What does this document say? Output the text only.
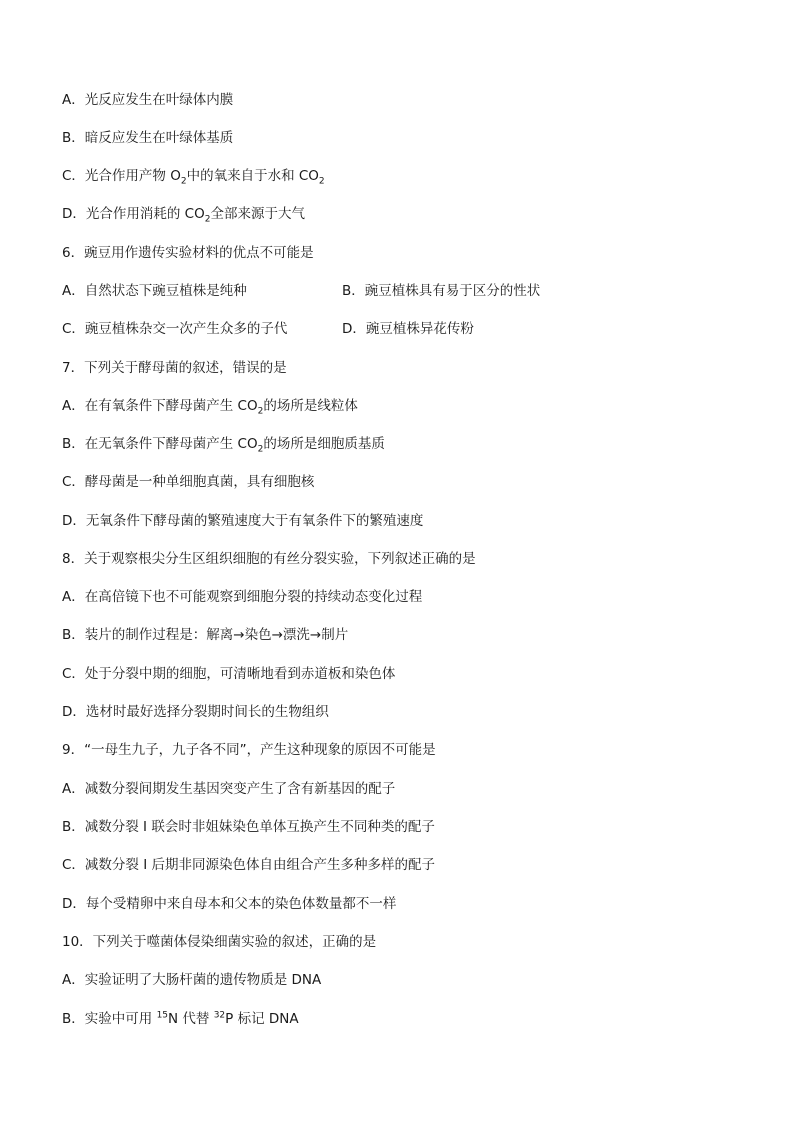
A．光反应发生在叶绿体内膜
B．暗反应发生在叶绿体基质
C．光合作用产物 $O_2$中的氧来自于水和 $CO_2$
D．光合作用消耗的 $CO_2$全部来源于大气
6．豌豆用作遗传实验材料的优点不可能是
A．自然状态下豌豆植株是纯种	B．豌豆植株具有易于区分的性状
C．豌豆植株杂交一次产生众多的子代	D．豌豆植株异花传粉
7．下列关于酵母菌的叙述，错误的是
A．在有氧条件下酵母菌产生 $CO_2$的场所是线粒体
B．在无氧条件下酵母菌产生 $CO_2$的场所是细胞质基质
C．酵母菌是一种单细胞真菌，具有细胞核
D．无氧条件下酵母菌的繁殖速度大于有氧条件下的繁殖速度
8．关于观察根尖分生区组织细胞的有丝分裂实验，下列叙述正确的是
A．在高倍镜下也不可能观察到细胞分裂的持续动态变化过程
B．装片的制作过程是：解离→染色→漂洗→制片
C．处于分裂中期的细胞，可清晰地看到赤道板和染色体
D．选材时最好选择分裂期时间长的生物组织
9．“一母生九子，九子各不同”，产生这种现象的原因不可能是
A．减数分裂间期发生基因突变产生了含有新基因的配子
B．减数分裂 I 联会时非姐妹染色单体互换产生不同种类的配子
C．减数分裂 I 后期非同源染色体自由组合产生多种多样的配子
D．每个受精卵中来自母本和父本的染色体数量都不一样
10．下列关于噬菌体侵染细菌实验的叙述，正确的是
A．实验证明了大肠杆菌的遗传物质是 DNA
B．实验中可用 $^{15}$N 代替 $^{32}$P 标记 DNA
